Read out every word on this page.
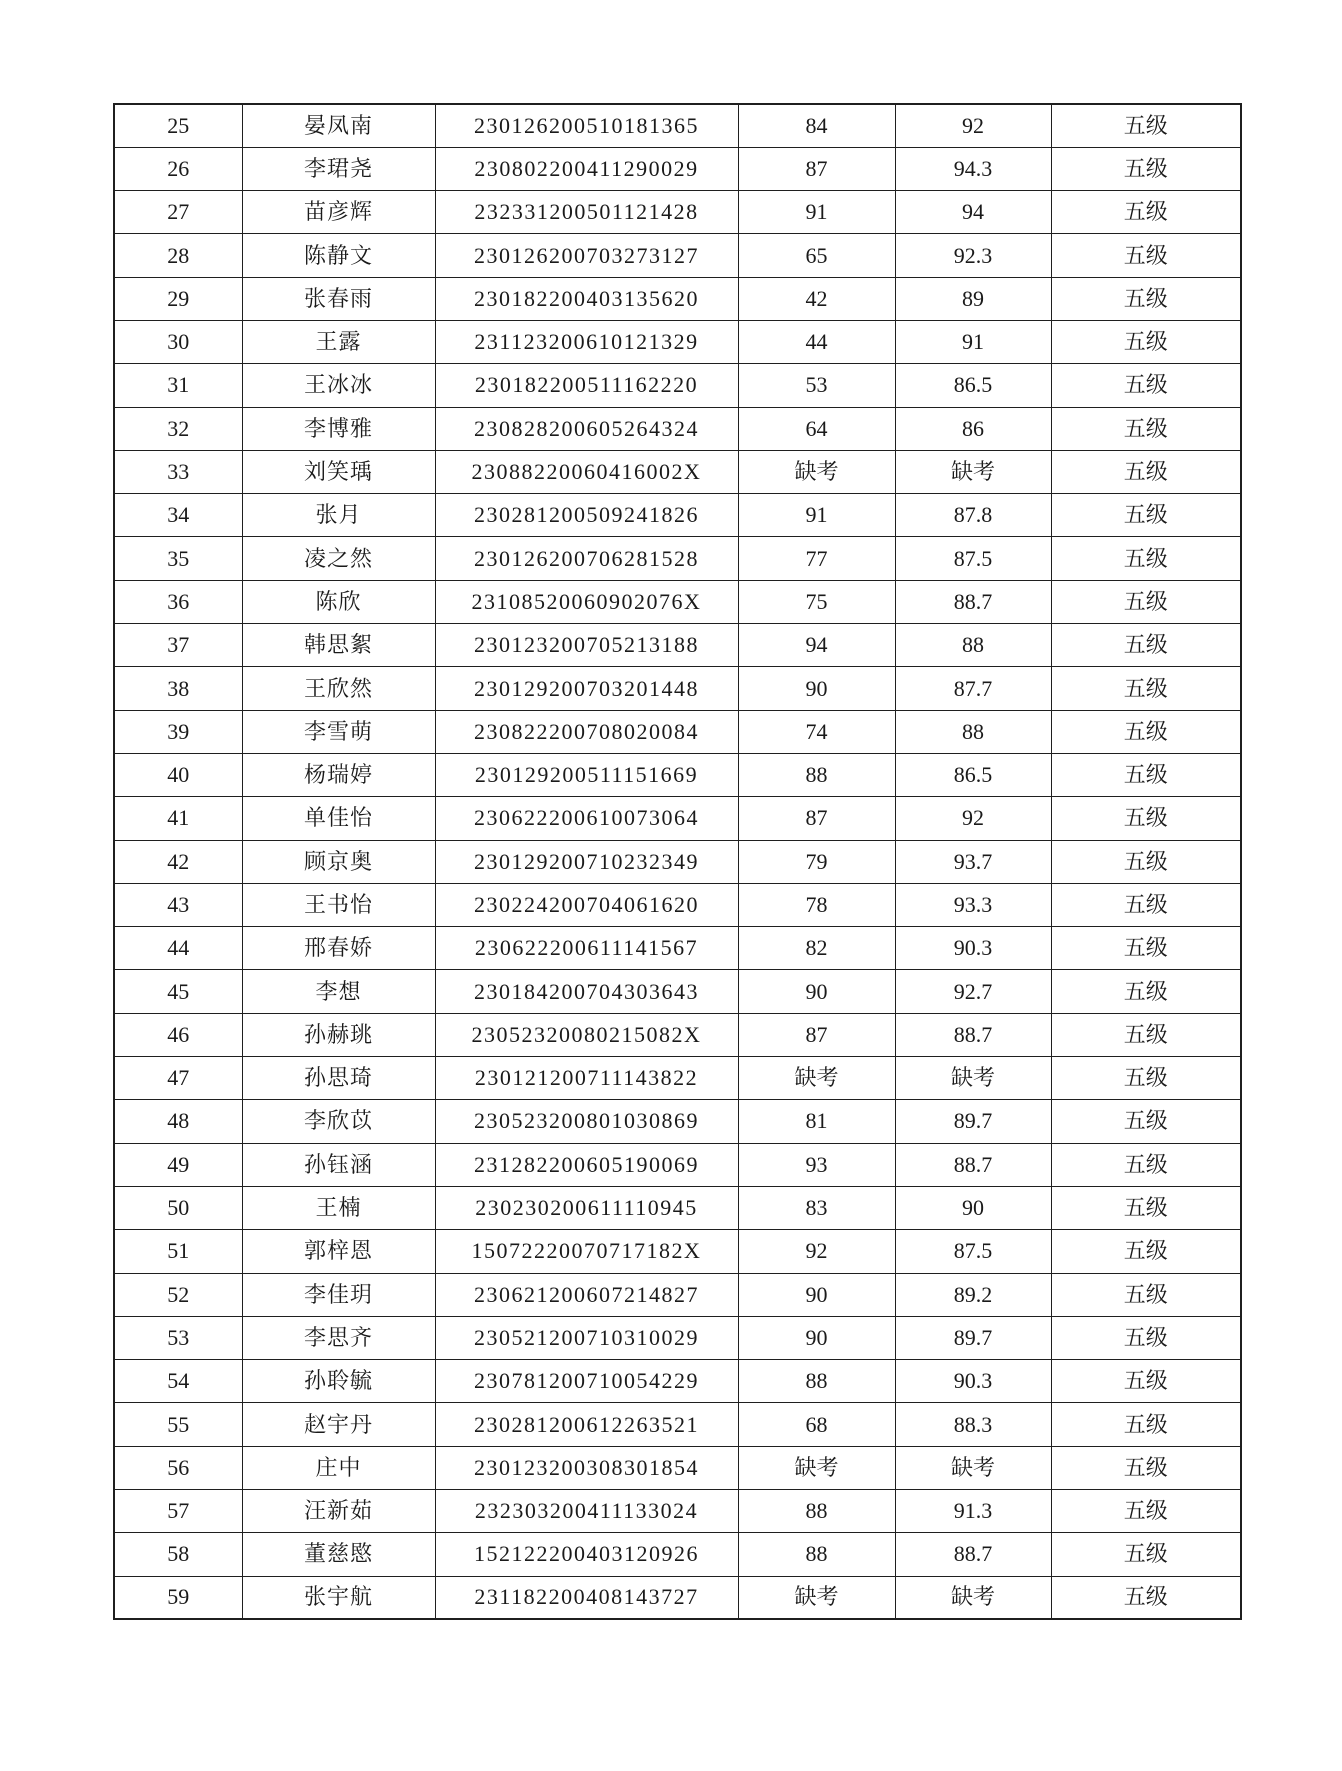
25	晏凤南	230126200510181365	84	92	五级
26	李珺尧	230802200411290029	87	94.3	五级
27	苗彦辉	232331200501121428	91	94	五级
28	陈静文	230126200703273127	65	92.3	五级
29	张春雨	230182200403135620	42	89	五级
30	王露	231123200610121329	44	91	五级
31	王冰冰	230182200511162220	53	86.5	五级
32	李博雅	230828200605264324	64	86	五级
33	刘笑瑀	23088220060416002X	缺考	缺考	五级
34	张月	230281200509241826	91	87.8	五级
35	凌之然	230126200706281528	77	87.5	五级
36	陈欣	23108520060902076X	75	88.7	五级
37	韩思絮	230123200705213188	94	88	五级
38	王欣然	230129200703201448	90	87.7	五级
39	李雪萌	230822200708020084	74	88	五级
40	杨瑞婷	230129200511151669	88	86.5	五级
41	单佳怡	230622200610073064	87	92	五级
42	顾京奥	230129200710232349	79	93.7	五级
43	王书怡	230224200704061620	78	93.3	五级
44	邢春娇	230622200611141567	82	90.3	五级
45	李想	230184200704303643	90	92.7	五级
46	孙赫珧	23052320080215082X	87	88.7	五级
47	孙思琦	230121200711143822	缺考	缺考	五级
48	李欣苡	230523200801030869	81	89.7	五级
49	孙钰涵	231282200605190069	93	88.7	五级
50	王楠	230230200611110945	83	90	五级
51	郭梓恩	15072220070717182X	92	87.5	五级
52	李佳玥	230621200607214827	90	89.2	五级
53	李思齐	230521200710310029	90	89.7	五级
54	孙聆毓	230781200710054229	88	90.3	五级
55	赵宇丹	230281200612263521	68	88.3	五级
56	庄中	230123200308301854	缺考	缺考	五级
57	汪新茹	232303200411133024	88	91.3	五级
58	董慈愍	152122200403120926	88	88.7	五级
59	张宇航	231182200408143727	缺考	缺考	五级
